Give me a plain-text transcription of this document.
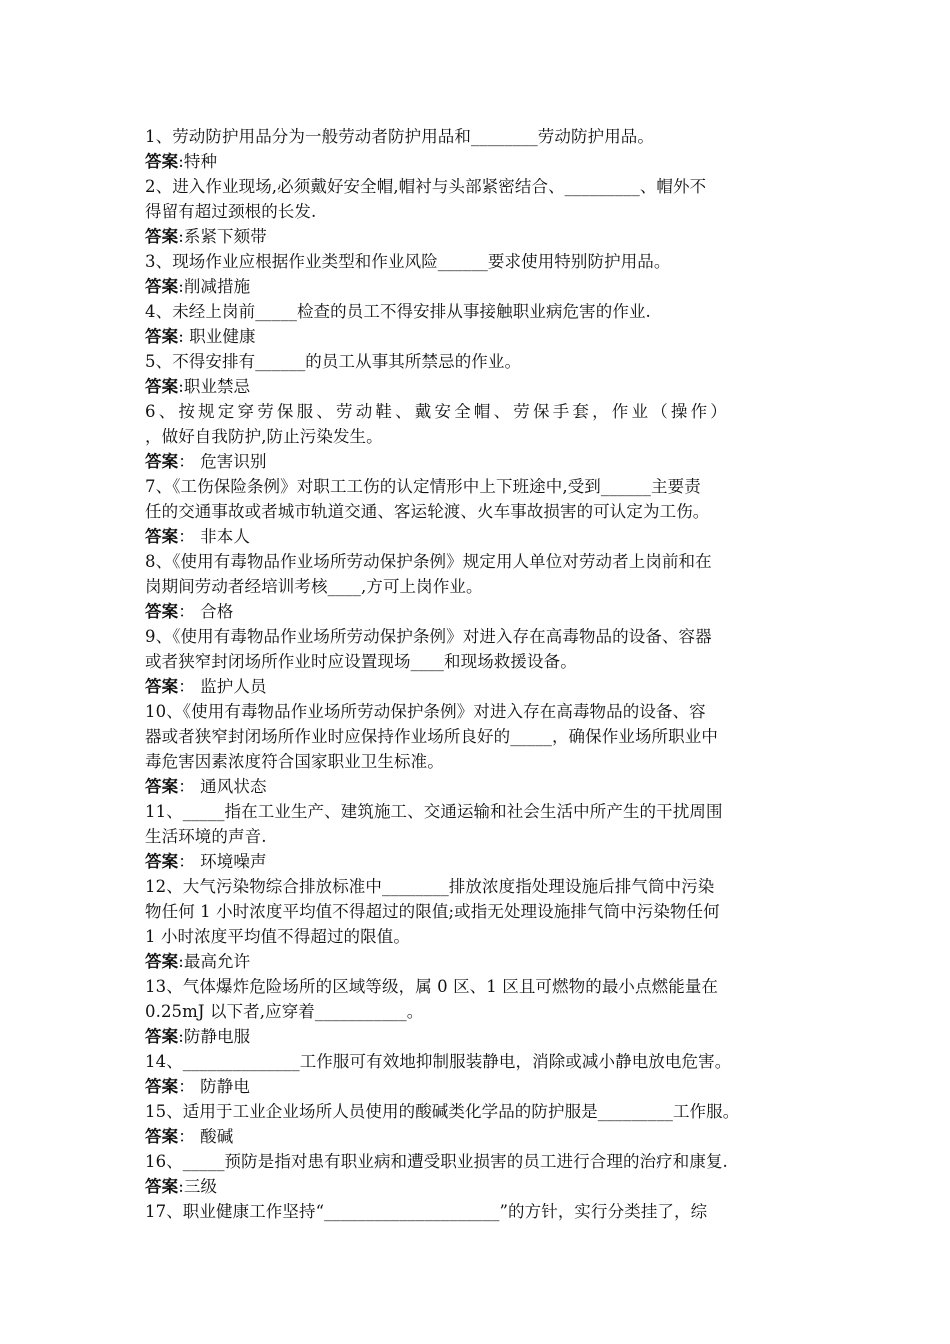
1、劳动防护用品分为一般劳动者防护用品和________劳动防护用品。
答案:特种
2、进入作业现场,必须戴好安全帽,帽衬与头部紧密结合、_________、帽外不
得留有超过颈根的长发.
答案:系紧下颏带
3、现场作业应根据作业类型和作业风险______要求使用特别防护用品。
答案:削减措施
4、未经上岗前_____检查的员工不得安排从事接触职业病危害的作业.
答案: 职业健康
5、不得安排有______的员工从事其所禁忌的作业。
答案:职业禁忌
6、按规定穿劳保服、劳动鞋、戴安全帽、劳保手套，作业（操作）
，做好自我防护,防止污染发生。
答案： 危害识别
7、《工伤保险条例》对职工工伤的认定情形中上下班途中,受到______主要责
任的交通事故或者城市轨道交通、客运轮渡、火车事故损害的可认定为工伤。
答案： 非本人
8、《使用有毒物品作业场所劳动保护条例》规定用人单位对劳动者上岗前和在
岗期间劳动者经培训考核____,方可上岗作业。
答案： 合格
9、《使用有毒物品作业场所劳动保护条例》对进入存在高毒物品的设备、容器
或者狭窄封闭场所作业时应设置现场____和现场救援设备。
答案： 监护人员
10、《使用有毒物品作业场所劳动保护条例》对进入存在高毒物品的设备、容
器或者狭窄封闭场所作业时应保持作业场所良好的_____，确保作业场所职业中
毒危害因素浓度符合国家职业卫生标准。
答案： 通风状态
11、_____指在工业生产、建筑施工、交通运输和社会生活中所产生的干扰周围
生活环境的声音.
答案： 环境噪声
12、大气污染物综合排放标准中________排放浓度指处理设施后排气筒中污染
物任何 1 小时浓度平均值不得超过的限值;或指无处理设施排气筒中污染物任何
1 小时浓度平均值不得超过的限值。
答案:最高允许
13、气体爆炸危险场所的区域等级，属 0 区、1 区且可燃物的最小点燃能量在
0.25mJ 以下者,应穿着___________。
答案:防静电服
14、______________工作服可有效地抑制服装静电，消除或减小静电放电危害。
答案： 防静电
15、适用于工业企业场所人员使用的酸碱类化学品的防护服是_________工作服。
答案： 酸碱
16、_____预防是指对患有职业病和遭受职业损害的员工进行合理的治疗和康复.
答案:三级
17、职业健康工作坚持“_____________________”的方针，实行分类挂了，综
